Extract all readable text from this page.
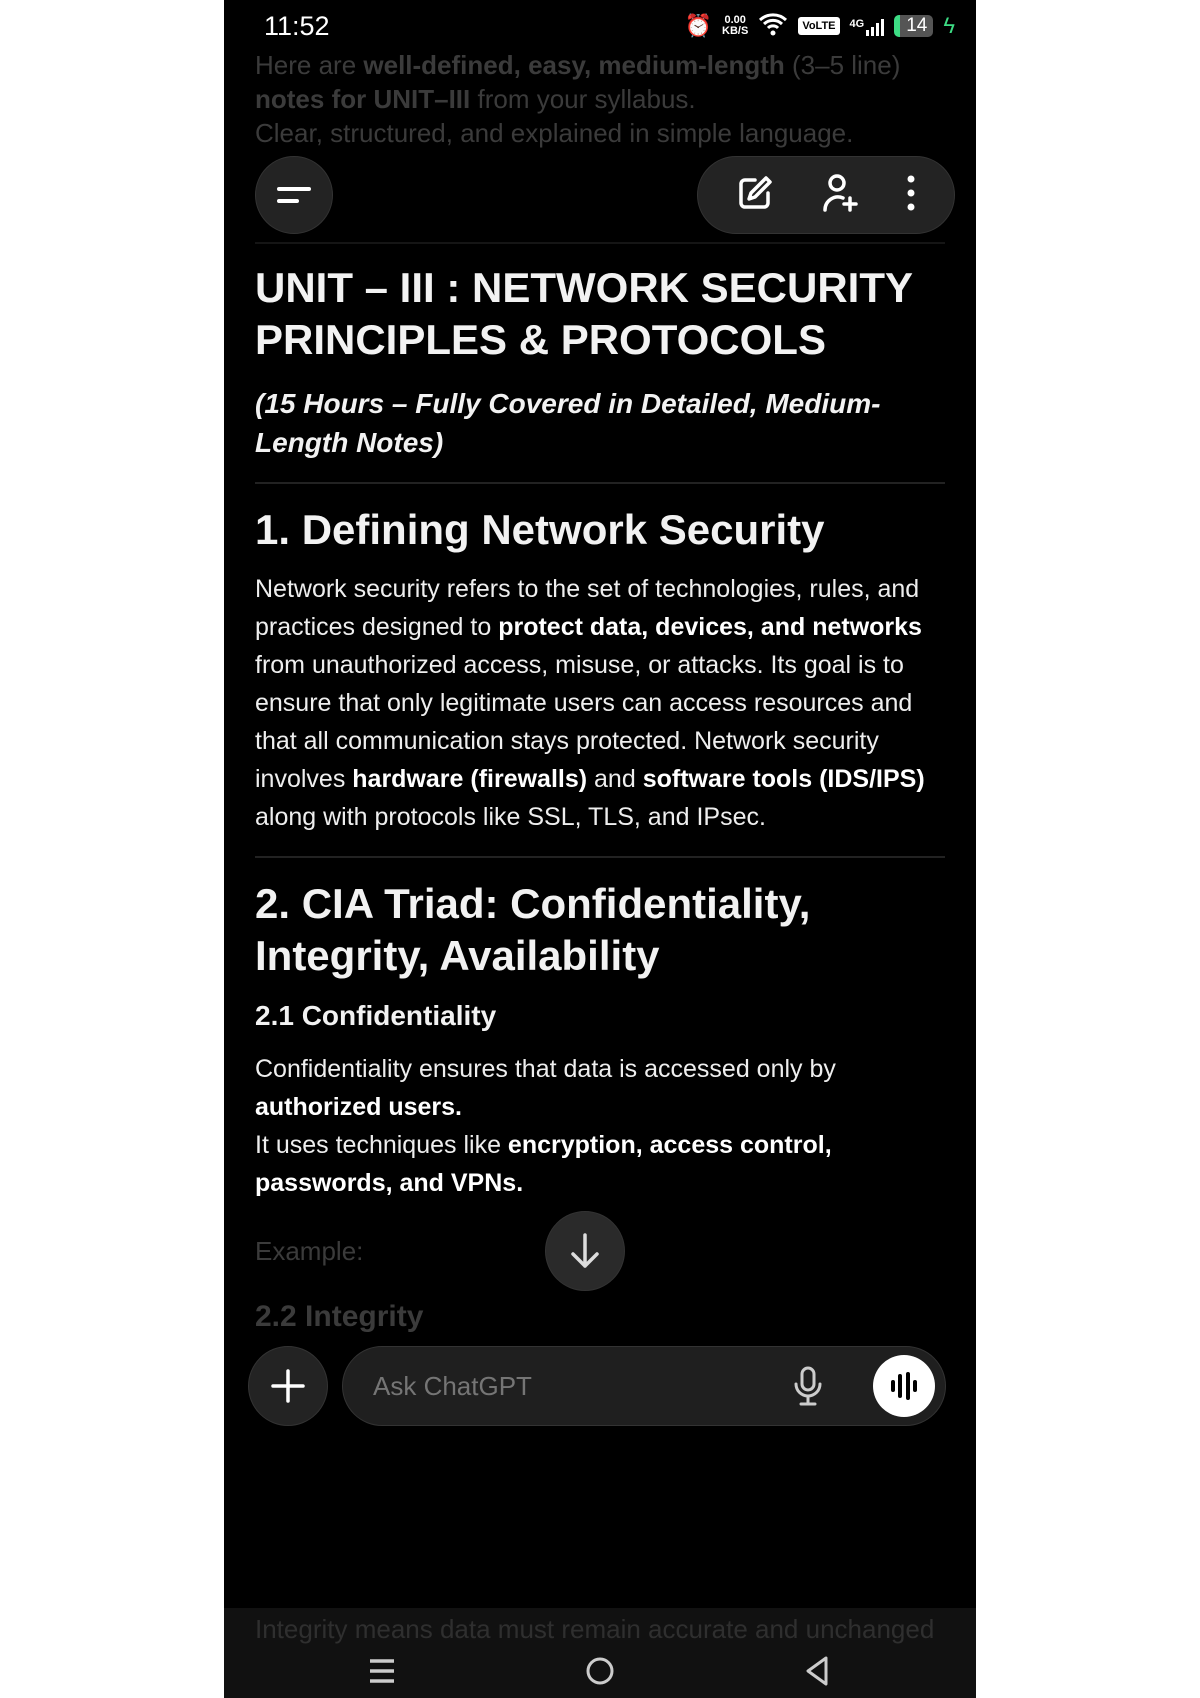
11:52	⏰ 0.00
KB/S	VoLTE	4G	14 ϟ
Here are well-defined, easy, medium-length (3–5 line)
notes for UNIT–III from your syllabus.
Clear, structured, and explained in simple language.
UNIT – III : NETWORK SECURITY PRINCIPLES & PROTOCOLS
(15 Hours – Fully Covered in Detailed, Medium-Length Notes)
1. Defining Network Security
Network security refers to the set of technologies, rules, and practices designed to protect data, devices, and networks from unauthorized access, misuse, or attacks. Its goal is to ensure that only legitimate users can access resources and that all communication stays protected. Network security involves hardware (firewalls) and software tools (IDS/IPS) along with protocols like SSL, TLS, and IPsec.
2. CIA Triad: Confidentiality, Integrity, Availability
2.1 Confidentiality
Confidentiality ensures that data is accessed only by
authorized users.
It uses techniques like encryption, access control, passwords, and VPNs.
Example:
2.2 Integrity
Ask ChatGPT
Integrity means data must remain accurate and unchanged
